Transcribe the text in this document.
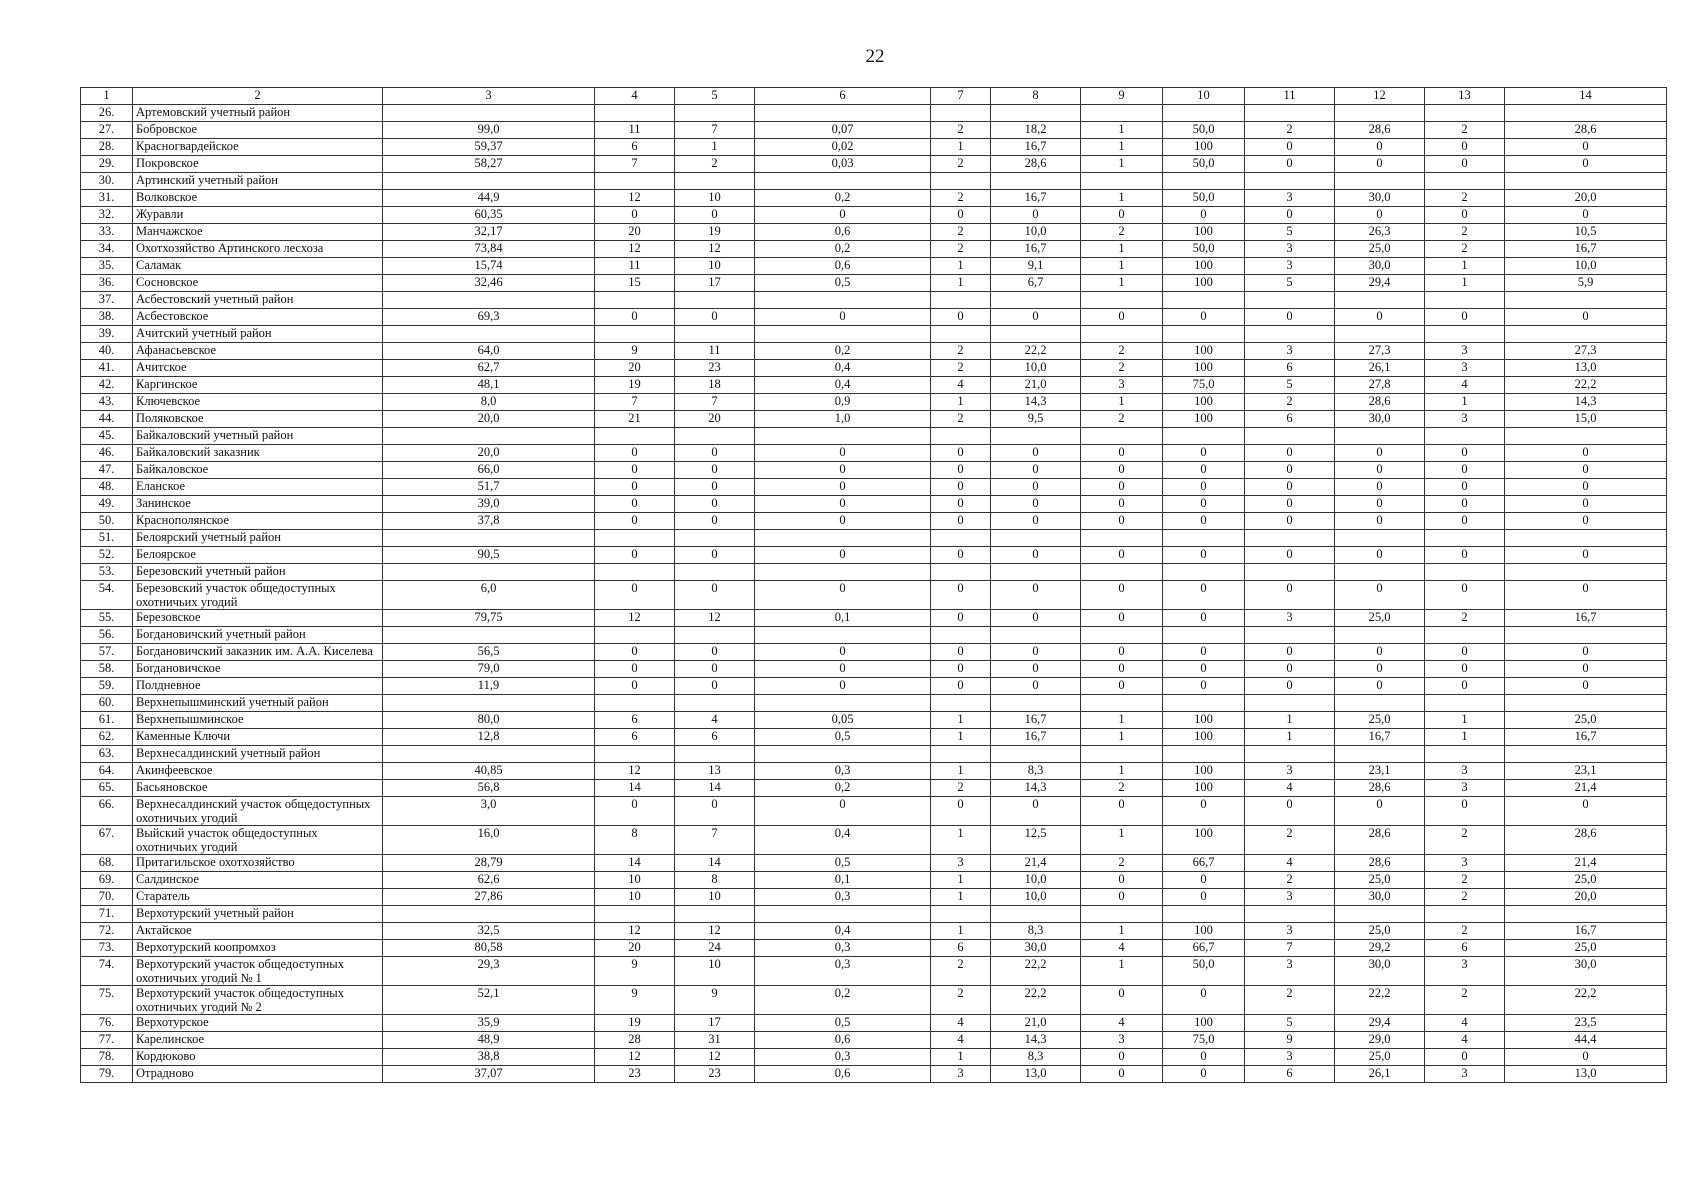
22
1	2	3	4	5	6	7	8	9	10	11	12	13	14
26.	Артемовский учетный район												
27.	Бобровское	99,0	11	7	0,07	2	18,2	1	50,0	2	28,6	2	28,6
28.	Красногвардейское	59,37	6	1	0,02	1	16,7	1	100	0	0	0	0
29.	Покровское	58,27	7	2	0,03	2	28,6	1	50,0	0	0	0	0
30.	Артинский учетный район												
31.	Волковское	44,9	12	10	0,2	2	16,7	1	50,0	3	30,0	2	20,0
32.	Журавли	60,35	0	0	0	0	0	0	0	0	0	0	0
33.	Манчажское	32,17	20	19	0,6	2	10,0	2	100	5	26,3	2	10,5
34.	Охотхозяйство Артинского лесхоза	73,84	12	12	0,2	2	16,7	1	50,0	3	25,0	2	16,7
35.	Саламак	15,74	11	10	0,6	1	9,1	1	100	3	30,0	1	10,0
36.	Сосновское	32,46	15	17	0,5	1	6,7	1	100	5	29,4	1	5,9
37.	Асбестовский учетный район												
38.	Асбестовское	69,3	0	0	0	0	0	0	0	0	0	0	0
39.	Ачитский учетный район												
40.	Афанасьевское	64,0	9	11	0,2	2	22,2	2	100	3	27,3	3	27,3
41.	Ачитское	62,7	20	23	0,4	2	10,0	2	100	6	26,1	3	13,0
42.	Каргинское	48,1	19	18	0,4	4	21,0	3	75,0	5	27,8	4	22,2
43.	Ключевское	8,0	7	7	0,9	1	14,3	1	100	2	28,6	1	14,3
44.	Поляковское	20,0	21	20	1,0	2	9,5	2	100	6	30,0	3	15,0
45.	Байкаловский учетный район												
46.	Байкаловский заказник	20,0	0	0	0	0	0	0	0	0	0	0	0
47.	Байкаловское	66,0	0	0	0	0	0	0	0	0	0	0	0
48.	Еланское	51,7	0	0	0	0	0	0	0	0	0	0	0
49.	Занинское	39,0	0	0	0	0	0	0	0	0	0	0	0
50.	Краснополянское	37,8	0	0	0	0	0	0	0	0	0	0	0
51.	Белоярский учетный район												
52.	Белоярское	90,5	0	0	0	0	0	0	0	0	0	0	0
53.	Березовский учетный район												
54.	Березовский участок общедоступных охотничьих угодий	6,0	0	0	0	0	0	0	0	0	0	0	0
55.	Березовское	79,75	12	12	0,1	0	0	0	0	3	25,0	2	16,7
56.	Богдановичский учетный район												
57.	Богдановичский заказник им. А.А. Киселева	56,5	0	0	0	0	0	0	0	0	0	0	0
58.	Богдановичское	79,0	0	0	0	0	0	0	0	0	0	0	0
59.	Полдневное	11,9	0	0	0	0	0	0	0	0	0	0	0
60.	Верхнепышминский учетный район												
61.	Верхнепышминское	80,0	6	4	0,05	1	16,7	1	100	1	25,0	1	25,0
62.	Каменные Ключи	12,8	6	6	0,5	1	16,7	1	100	1	16,7	1	16,7
63.	Верхнесалдинский учетный район												
64.	Акинфеевское	40,85	12	13	0,3	1	8,3	1	100	3	23,1	3	23,1
65.	Басьяновское	56,8	14	14	0,2	2	14,3	2	100	4	28,6	3	21,4
66.	Верхнесалдинский участок общедоступных охотничьих угодий	3,0	0	0	0	0	0	0	0	0	0	0	0
67.	Выйский участок общедоступных охотничьих угодий	16,0	8	7	0,4	1	12,5	1	100	2	28,6	2	28,6
68.	Притагильское охотхозяйство	28,79	14	14	0,5	3	21,4	2	66,7	4	28,6	3	21,4
69.	Салдинское	62,6	10	8	0,1	1	10,0	0	0	2	25,0	2	25,0
70.	Старатель	27,86	10	10	0,3	1	10,0	0	0	3	30,0	2	20,0
71.	Верхотурский учетный район												
72.	Актайское	32,5	12	12	0,4	1	8,3	1	100	3	25,0	2	16,7
73.	Верхотурский коопромхоз	80,58	20	24	0,3	6	30,0	4	66,7	7	29,2	6	25,0
74.	Верхотурский участок общедоступных охотничьих угодий № 1	29,3	9	10	0,3	2	22,2	1	50,0	3	30,0	3	30,0
75.	Верхотурский участок общедоступных охотничьих угодий № 2	52,1	9	9	0,2	2	22,2	0	0	2	22,2	2	22,2
76.	Верхотурское	35,9	19	17	0,5	4	21,0	4	100	5	29,4	4	23,5
77.	Карелинское	48,9	28	31	0,6	4	14,3	3	75,0	9	29,0	4	44,4
78.	Кордюково	38,8	12	12	0,3	1	8,3	0	0	3	25,0	0	0
79.	Отрадново	37,07	23	23	0,6	3	13,0	0	0	6	26,1	3	13,0
